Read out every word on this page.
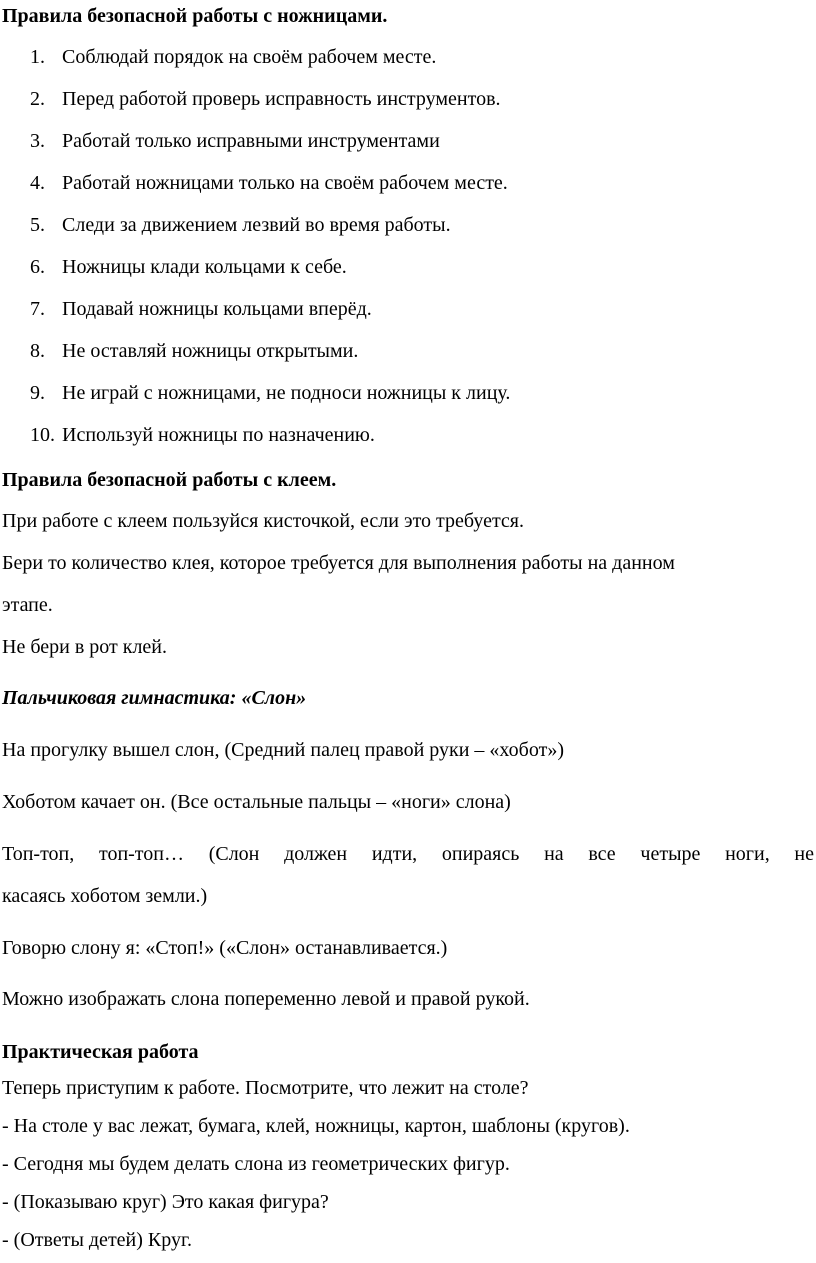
Правила безопасной работы с ножницами.
1. Соблюдай порядок на своём рабочем месте.
2. Перед работой проверь исправность инструментов.
3. Работай только исправными инструментами
4. Работай ножницами только на своём рабочем месте.
5. Следи за движением лезвий во время работы.
6. Ножницы клади кольцами к себе.
7. Подавай ножницы кольцами вперёд.
8. Не оставляй ножницы открытыми.
9. Не играй с ножницами, не подноси ножницы к лицу.
10. Используй ножницы по назначению.
Правила безопасной работы с клеем.
При работе с клеем пользуйся кисточкой, если это требуется.
Бери то количество клея, которое требуется для выполнения работы на данном
этапе.
Не бери в рот клей.
Пальчиковая гимнастика: «Слон»
На прогулку вышел слон, (Средний палец правой руки – «хобот»)
Хоботом качает он. (Все остальные пальцы – «ноги» слона)
Топ-топ, топ-топ… (Слон должен идти, опираясь на все четыре ноги, не
касаясь хоботом земли.)
Говорю слону я: «Стоп!» («Слон» останавливается.)
Можно изображать слона попеременно левой и правой рукой.
Практическая работа
Теперь приступим к работе. Посмотрите, что лежит на столе?
- На столе у вас лежат, бумага, клей, ножницы, картон, шаблоны (кругов).
- Сегодня мы будем делать слона из геометрических фигур.
- (Показываю круг) Это какая фигура?
- (Ответы детей) Круг.
